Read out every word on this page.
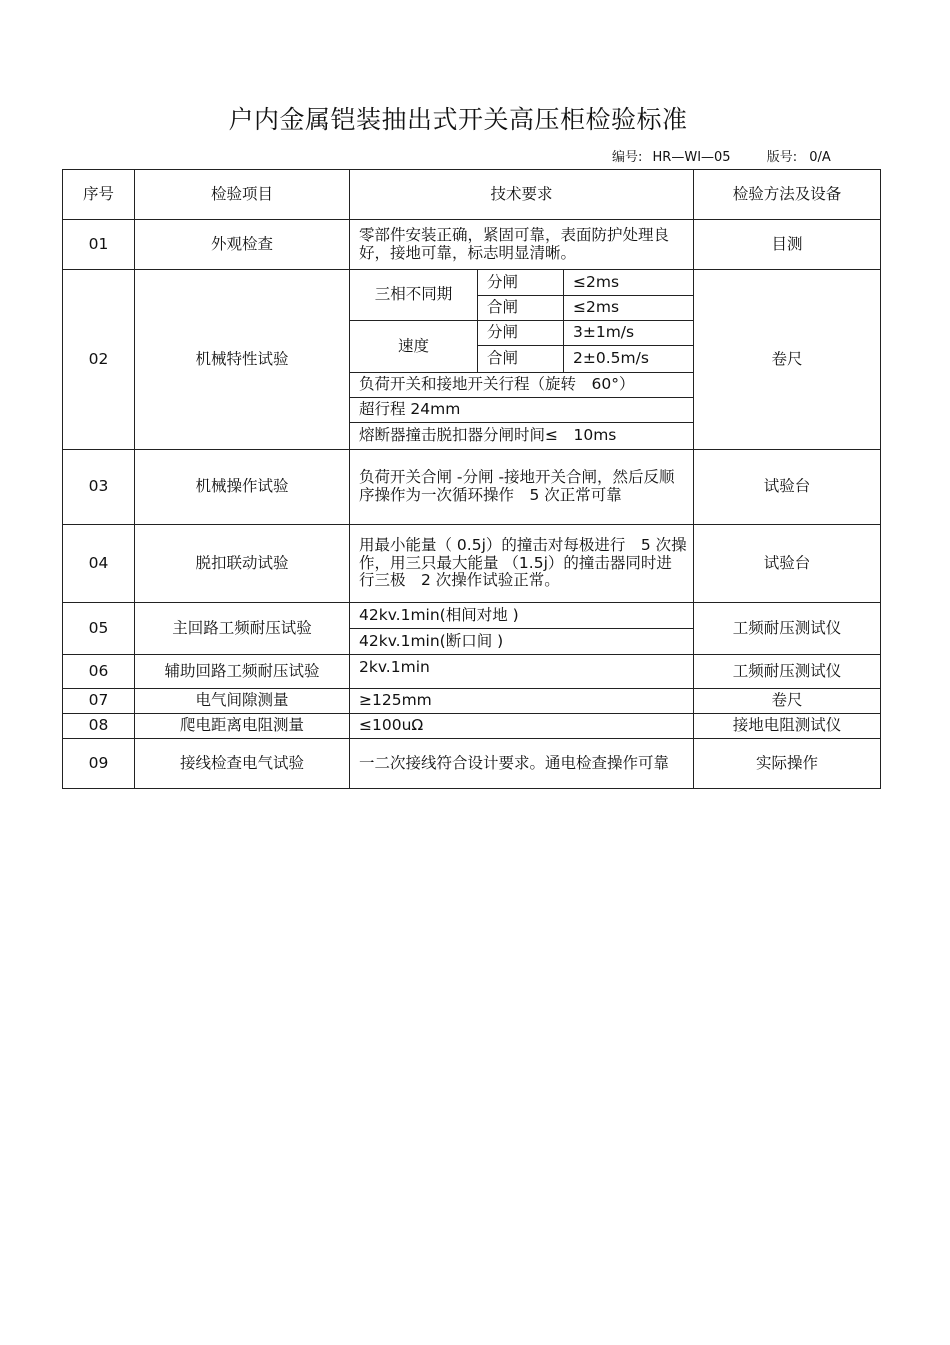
户内金属铠装抽出式开关高压柜检验标准
编号: HR—WI—05	版号: 0/A
序号	检验项目	技术要求			检验方法及设备
01	外观检查	零部件安装正确，紧固可靠，表面防护处理良好，接地可靠，标志明显清晰。			目测
02	机械特性试验	三相不同期	分闸	≤2ms	卷尺
			合闸	≤2ms	
		速度	分闸	3±1m/s	
			合闸	2±0.5m/s	
		负荷开关和接地开关行程（旋转　60°）			
		超行程 24mm			
		熔断器撞击脱扣器分闸时间≤　10ms			
03	机械操作试验	负荷开关合闸 -分闸 -接地开关合闸，然后反顺序操作为一次循环操作　5 次正常可靠			试验台
04	脱扣联动试验	用最小能量（ 0.5j）的撞击对每极进行　5 次操作，用三只最大能量 （1.5j）的撞击器同时进行三极　2 次操作试验正常。			试验台
05	主回路工频耐压试验	42kv.1min(相间对地 )			工频耐压测试仪
		42kv.1min(断口间 )			
06	辅助回路工频耐压试验	2kv.1min			工频耐压测试仪
07	电气间隙测量	≥125mm			卷尺
08	爬电距离电阻测量	≤100uΩ			接地电阻测试仪
09	接线检查电气试验	一二次接线符合设计要求。通电检查操作可靠			实际操作
